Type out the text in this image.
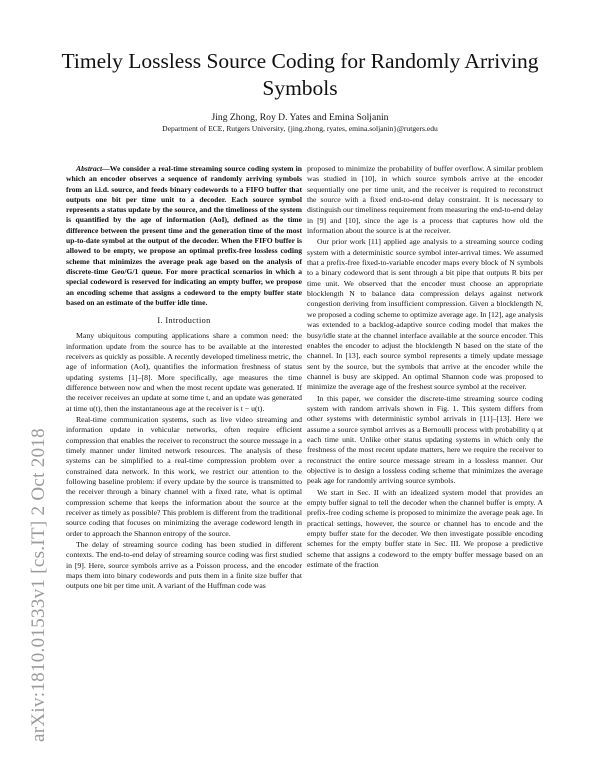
arXiv:1810.01533v1 [cs.IT] 2 Oct 2018
Timely Lossless Source Coding for Randomly Arriving Symbols
Jing Zhong, Roy D. Yates and Emina Soljanin
Department of ECE, Rutgers University, {jing.zhong, ryates, emina.soljanin}@rutgers.edu

Abstract—We consider a real-time streaming source coding system in which an encoder observes a sequence of randomly arriving symbols from an i.i.d. source, and feeds binary codewords to a FIFO buffer that outputs one bit per time unit to a decoder. Each source symbol represents a status update by the source, and the timeliness of the system is quantified by the age of information (AoI), defined as the time difference between the present time and the generation time of the most up-to-date symbol at the output of the decoder. When the FIFO buffer is allowed to be empty, we propose an optimal prefix-free lossless coding scheme that minimizes the average peak age based on the analysis of discrete-time Geo/G/1 queue. For more practical scenarios in which a special codeword is reserved for indicating an empty buffer, we propose an encoding scheme that assigns a codeword to the empty buffer state based on an estimate of the buffer idle time.

I. Introduction

Many ubiquitous computing applications share a common need: the information update from the source has to be available at the interested receivers as quickly as possible. A recently developed timeliness metric, the age of information (AoI), quantifies the information freshness of status updating systems [1]–[8]. More specifically, age measures the time difference between now and when the most recent update was generated. If the receiver receives an update at some time t, and an update was generated at time u(t), then the instantaneous age at the receiver is t − u(t).

Real-time communication systems, such as live video streaming and information update in vehicular networks, often require efficient compression that enables the receiver to reconstruct the source message in a timely manner under limited network resources. The analysis of these systems can be simplified to a real-time compression problem over a constrained data network. In this work, we restrict our attention to the following baseline problem: if every update by the source is transmitted to the receiver through a binary channel with a fixed rate, what is optimal compression scheme that keeps the information about the source at the receiver as timely as possible? This problem is different from the traditional source coding that focuses on minimizing the average codeword length in order to approach the Shannon entropy of the source.

The delay of streaming source coding has been studied in different contexts. The end-to-end delay of streaming source coding was first studied in [9]. Here, source symbols arrive as a Poisson process, and the encoder maps them into binary codewords and puts them in a finite size buffer that outputs one bit per time unit. A variant of the Huffman code was

proposed to minimize the probability of buffer overflow. A similar problem was studied in [10], in which source symbols arrive at the encoder sequentially one per time unit, and the receiver is required to reconstruct the source with a fixed end-to-end delay constraint. It is necessary to distinguish our timeliness requirement from measuring the end-to-end delay in [9] and [10], since the age is a process that captures how old the information about the source is at the receiver.

Our prior work [11] applied age analysis to a streaming source coding system with a deterministic source symbol inter-arrival times. We assumed that a prefix-free fixed-to-variable encoder maps every block of N symbols to a binary codeword that is sent through a bit pipe that outputs R bits per time unit. We observed that the encoder must choose an appropriate blocklength N to balance data compression delays against network congestion deriving from insufficient compression. Given a blocklength N, we proposed a coding scheme to optimize average age. In [12], age analysis was extended to a backlog-adaptive source coding model that makes the busy/idle state at the channel interface available at the source encoder. This enables the encoder to adjust the blocklength N based on the state of the channel. In [13], each source symbol represents a timely update message sent by the source, but the symbols that arrive at the encoder while the channel is busy are skipped. An optimal Shannon code was proposed to minimize the average age of the freshest source symbol at the receiver.

In this paper, we consider the discrete-time streaming source coding system with random arrivals shown in Fig. 1. This system differs from other systems with deterministic symbol arrivals in [11]–[13]. Here we assume a source symbol arrives as a Bernoulli process with probability q at each time unit. Unlike other status updating systems in which only the freshness of the most recent update matters, here we require the receiver to reconstruct the entire source message stream in a lossless manner. Our objective is to design a lossless coding scheme that minimizes the average peak age for randomly arriving source symbols.

We start in Sec. II with an idealized system model that provides an empty buffer signal to tell the decoder when the channel buffer is empty. A prefix-free coding scheme is proposed to minimize the average peak age. In practical settings, however, the source or channel has to encode and the empty buffer state for the decoder. We then investigate possible encoding schemes for the empty buffer state in Sec. III. We propose a predictive scheme that assigns a codeword to the empty buffer message based on an estimate of the fraction
